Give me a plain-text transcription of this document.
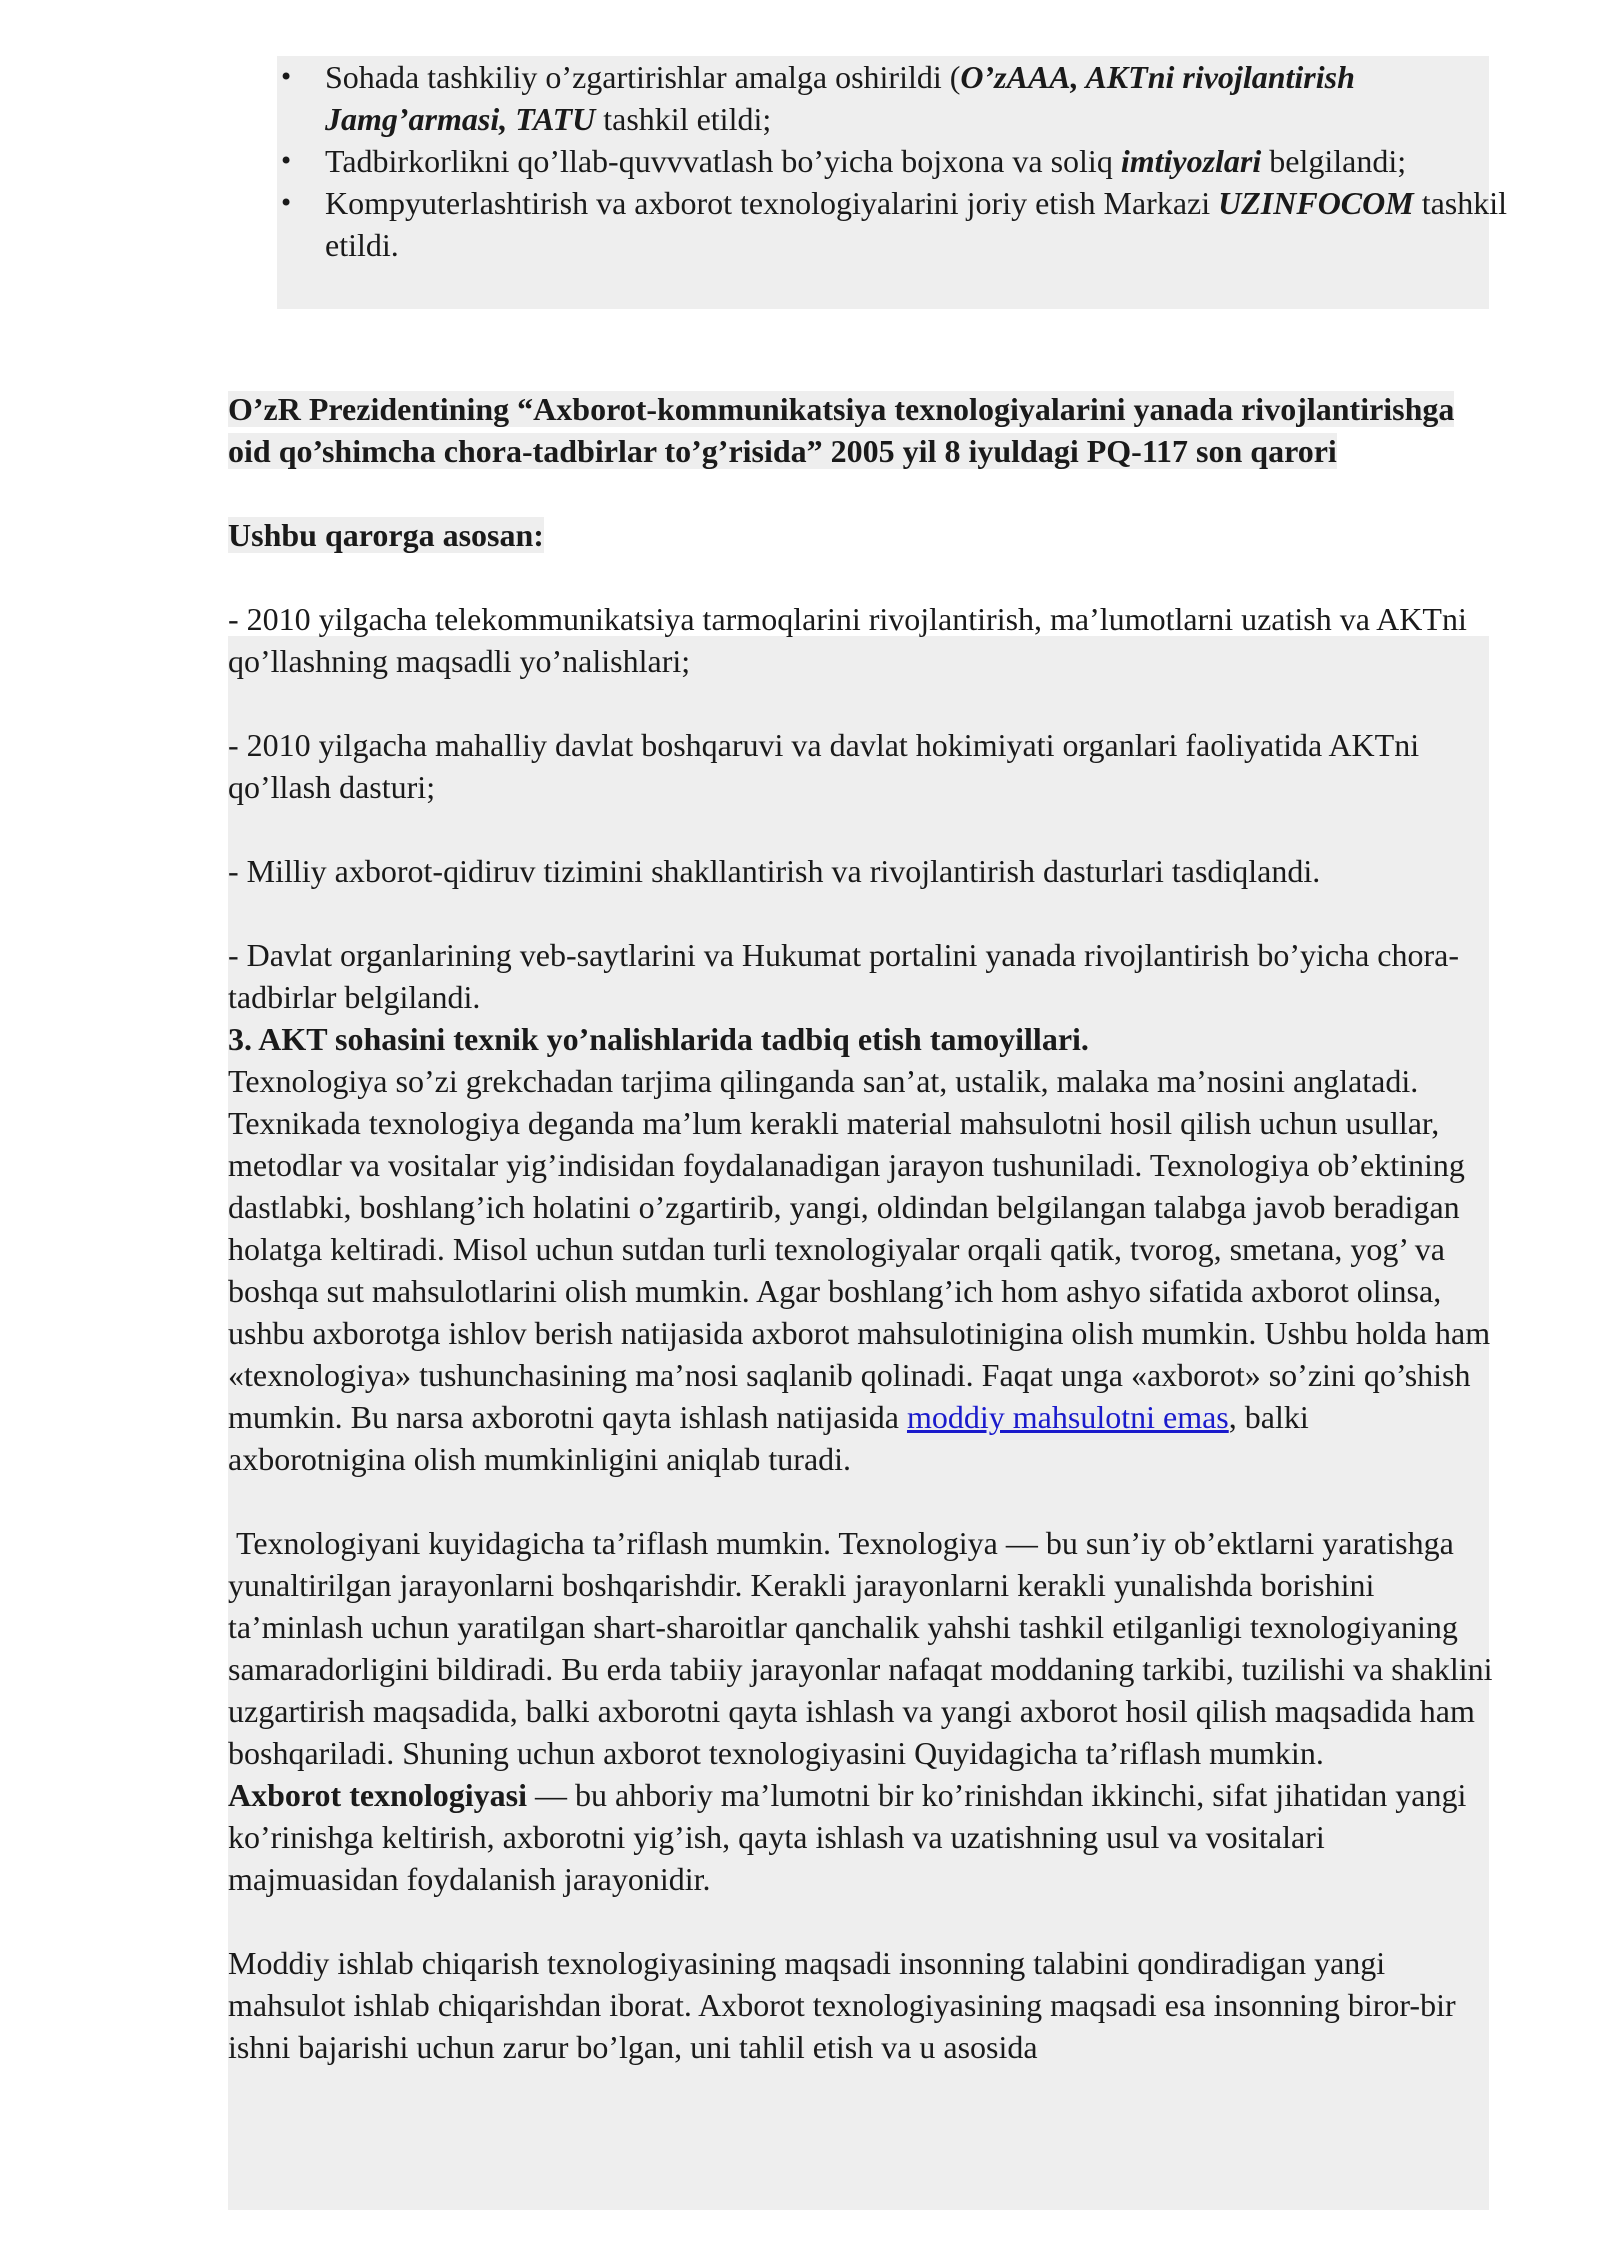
• Sohada tashkiliy o’zgartirishlar amalga oshirildi (O’zAAA, AKTni rivojlantirish Jamg’armasi, TATU tashkil etildi;
• Tadbirkorlikni qo’llab-quvvvatlash bo’yicha bojxona va soliq imtiyozlari belgilandi;
• Kompyuterlashtirish va axborot texnologiyalarini joriy etish Markazi UZINFOCOM tashkil etildi.

O’zR Prezidentining “Axborot-kommunikatsiya texnologiyalarini yanada rivojlantirishga oid qo’shimcha chora-tadbirlar to’g’risida” 2005 yil 8 iyuldagi PQ-117 son qarori

Ushbu qarorga asosan:

- 2010 yilgacha telekommunikatsiya tarmoqlarini rivojlantirish, ma’lumotlarni uzatish va AKTni qo’llashning maqsadli yo’nalishlari;

- 2010 yilgacha mahalliy davlat boshqaruvi va davlat hokimiyati organlari faoliyatida AKTni qo’llash dasturi;

- Milliy axborot-qidiruv tizimini shakllantirish va rivojlantirish dasturlari tasdiqlandi.

- Davlat organlarining veb-saytlarini va Hukumat portalini yanada rivojlantirish bo’yicha chora-tadbirlar belgilandi.

3. AKT sohasini texnik yo’nalishlarida tadbiq etish tamoyillari.

Texnologiya so’zi grekchadan tarjima qilinganda san’at, ustalik, malaka ma’nosini anglatadi. Texnikada texnologiya deganda ma’lum kerakli material mahsulotni hosil qilish uchun usullar, metodlar va vositalar yig’indisidan foydalanadigan jarayon tushuniladi. Texnologiya ob’ektining dastlabki, boshlang’ich holatini o’zgartirib, yangi, oldindan belgilangan talabga javob beradigan holatga keltiradi. Misol uchun sutdan turli texnologiyalar orqali qatik, tvorog, smetana, yog’ va boshqa sut mahsulotlarini olish mumkin. Agar boshlang’ich hom ashyo sifatida axborot olinsa, ushbu axborotga ishlov berish natijasida axborot mahsulotinigina olish mumkin. Ushbu holda ham «texnologiya» tushunchasining ma’nosi saqlanib qolinadi. Faqat unga «axborot» so’zini qo’shish mumkin. Bu narsa axborotni qayta ishlash natijasida moddiy mahsulotni emas, balki axborotnigina olish mumkinligini aniqlab turadi.

Texnologiyani kuyidagicha ta’riflash mumkin. Texnologiya — bu sun’iy ob’ektlarni yaratishga yunaltirilgan jarayonlarni boshqarishdir. Kerakli jarayonlarni kerakli yunalishda borishini ta’minlash uchun yaratilgan shart-sharoitlar qanchalik yahshi tashkil etilganligi texnologiyaning samaradorligini bildiradi. Bu erda tabiiy jarayonlar nafaqat moddaning tarkibi, tuzilishi va shaklini uzgartirish maqsadida, balki axborotni qayta ishlash va yangi axborot hosil qilish maqsadida ham boshqariladi. Shuning uchun axborot texnologiyasini Quyidagicha ta’riflash mumkin.

Axborot texnologiyasi — bu ahboriy ma’lumotni bir ko’rinishdan ikkinchi, sifat jihatidan yangi ko’rinishga keltirish, axborotni yig’ish, qayta ishlash va uzatishning usul va vositalari majmuasidan foydalanish jarayonidir.

Moddiy ishlab chiqarish texnologiyasining maqsadi insonning talabini qondiradigan yangi mahsulot ishlab chiqarishdan iborat. Axborot texnologiyasining maqsadi esa insonning biror-bir ishni bajarishi uchun zarur bo’lgan, uni tahlil etish va u asosida
